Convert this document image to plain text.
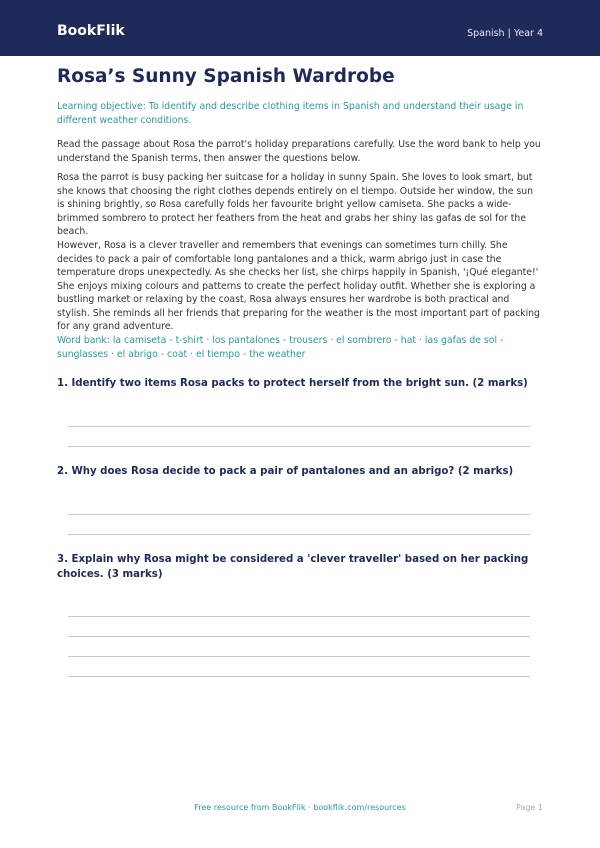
BookFlik	Spanish | Year 4
Rosa’s Sunny Spanish Wardrobe

Learning objective: To identify and describe clothing items in Spanish and understand their usage in different weather conditions.

Read the passage about Rosa the parrot's holiday preparations carefully. Use the word bank to help you understand the Spanish terms, then answer the questions below.

Rosa the parrot is busy packing her suitcase for a holiday in sunny Spain. She loves to look smart, but she knows that choosing the right clothes depends entirely on el tiempo. Outside her window, the sun is shining brightly, so Rosa carefully folds her favourite bright yellow camiseta. She packs a wide-brimmed sombrero to protect her feathers from the heat and grabs her shiny las gafas de sol for the beach.

However, Rosa is a clever traveller and remembers that evenings can sometimes turn chilly. She decides to pack a pair of comfortable long pantalones and a thick, warm abrigo just in case the temperature drops unexpectedly. As she checks her list, she chirps happily in Spanish, '¡Qué elegante!' She enjoys mixing colours and patterns to create the perfect holiday outfit. Whether she is exploring a bustling market or relaxing by the coast, Rosa always ensures her wardrobe is both practical and stylish. She reminds all her friends that preparing for the weather is the most important part of packing for any grand adventure.

Word bank: la camiseta - t-shirt · los pantalones - trousers · el sombrero - hat · las gafas de sol - sunglasses · el abrigo - coat · el tiempo - the weather

1. Identify two items Rosa packs to protect herself from the bright sun. (2 marks)

2. Why does Rosa decide to pack a pair of pantalones and an abrigo? (2 marks)

3. Explain why Rosa might be considered a 'clever traveller' based on her packing choices. (3 marks)

Free resource from BookFlik · bookflik.com/resources	Page 1
